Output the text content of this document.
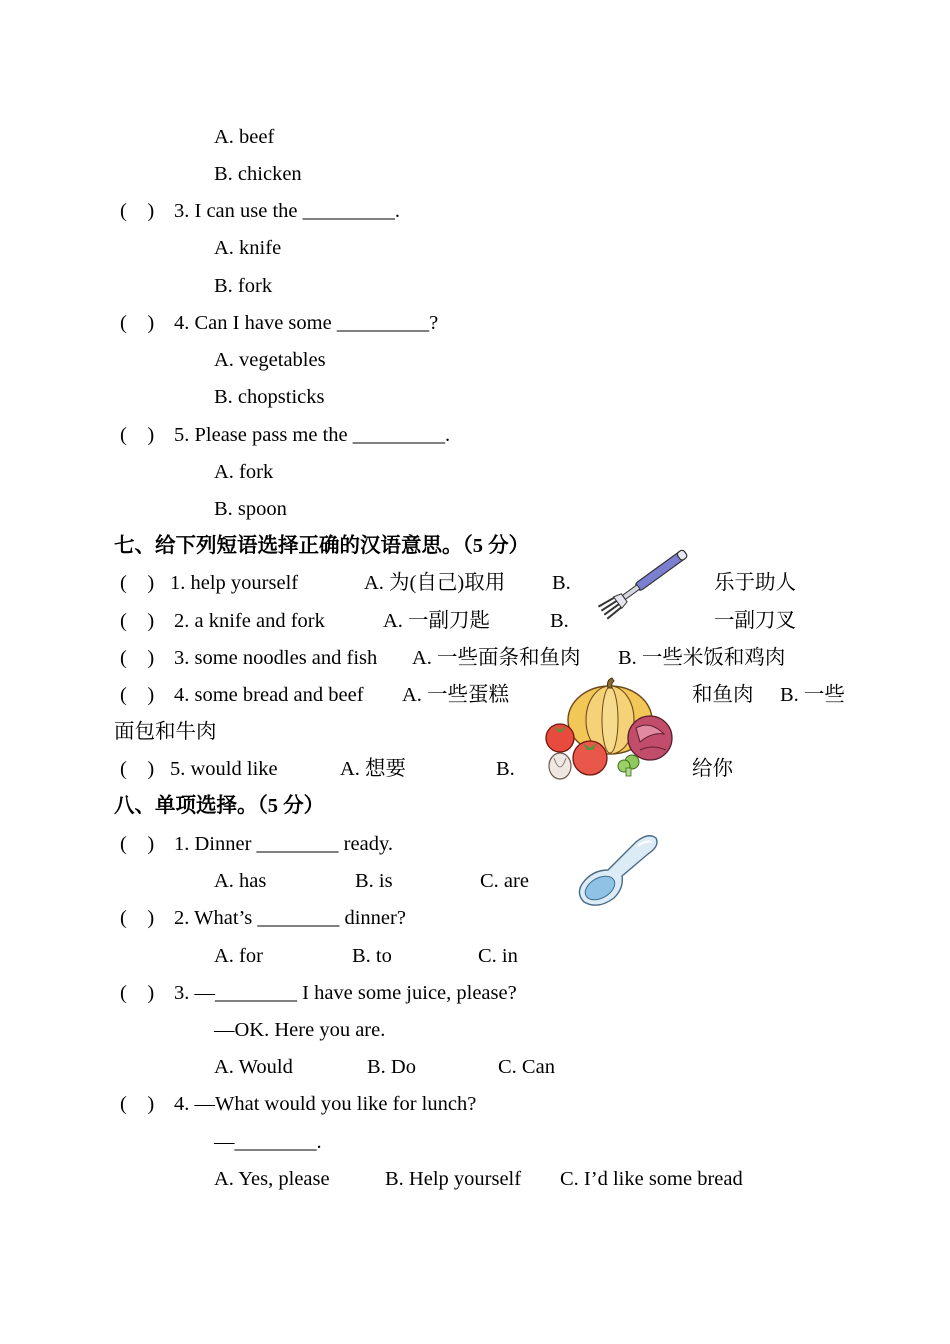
A. beef
B. chicken
(    ) 3. I can use the _________.
A. knife
B. fork
(    ) 4. Can I have some _________?
A. vegetables
B. chopsticks
(    ) 5. Please pass me the _________.
A. fork
B. spoon
七、给下列短语选择正确的汉语意思。（5 分）
(    ) 1. help yourself	A. 为(自己)取用 B.	乐于助人
(    ) 2. a knife and fork	A. 一副刀匙	B.	一副刀叉
(    ) 3. some noodles and fish A. 一些面条和鱼肉 B. 一些米饭和鸡肉
(    ) 4. some bread and beef A. 一些蛋糕	和鱼肉 B. 一些
面包和牛肉
(    ) 5. would like	A. 想要	B.	给你
八、单项选择。（5 分）
(    ) 1. Dinner ________ ready.
A. has	B. is	C. are
(    ) 2. What’s ________ dinner?
A. for	B. to	C. in
(    ) 3. —________ I have some juice, please?
—OK. Here you are.
A. Would	B. Do	C. Can
(    ) 4. —What would you like for lunch?
—________.
A. Yes, please	B. Help yourself C. I’d like some bread
